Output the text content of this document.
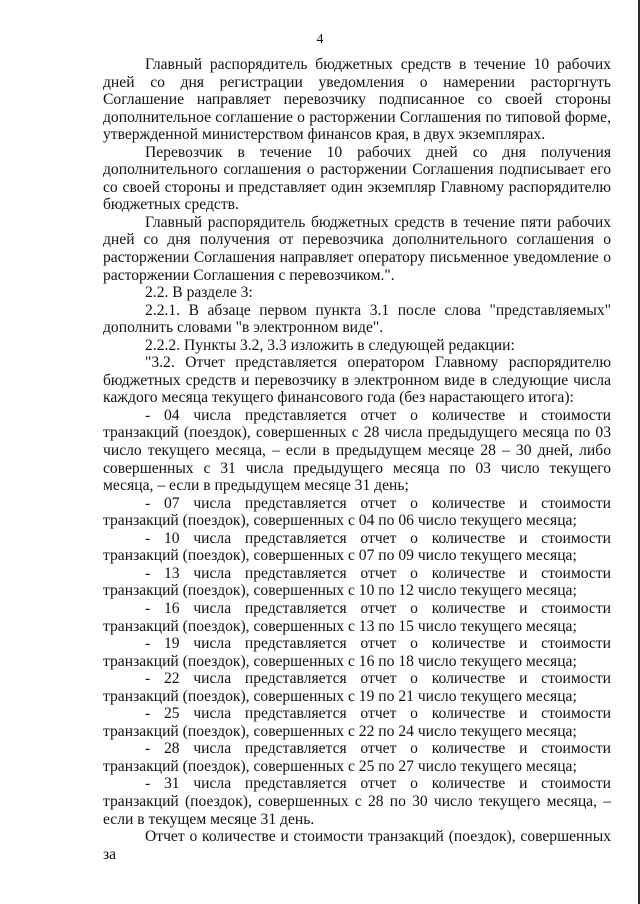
4

Главный распорядитель бюджетных средств в течение 10 рабочих дней со дня регистрации уведомления о намерении расторгнуть Соглашение направляет перевозчику подписанное со своей стороны дополнительное соглашение о расторжении Соглашения по типовой форме, утвержденной министерством финансов края, в двух экземплярах.

Перевозчик в течение 10 рабочих дней со дня получения дополнительного соглашения о расторжении Соглашения подписывает его со своей стороны и представляет один экземпляр Главному распорядителю бюджетных средств.

Главный распорядитель бюджетных средств в течение пяти рабочих дней со дня получения от перевозчика дополнительного соглашения о расторжении Соглашения направляет оператору письменное уведомление о расторжении Соглашения с перевозчиком.".

2.2. В разделе 3:

2.2.1. В абзаце первом пункта 3.1 после слова "представляемых" дополнить словами "в электронном виде".

2.2.2. Пункты 3.2, 3.3 изложить в следующей редакции:

"3.2. Отчет представляется оператором Главному распорядителю бюджетных средств и перевозчику в электронном виде в следующие числа каждого месяца текущего финансового года (без нарастающего итога):

- 04 числа представляется отчет о количестве и стоимости транзакций (поездок), совершенных с 28 числа предыдущего месяца по 03 число текущего месяца, – если в предыдущем месяце 28 – 30 дней, либо совершенных с 31 числа предыдущего месяца по 03 число текущего месяца, – если в предыдущем месяце 31 день;

- 07 числа представляется отчет о количестве и стоимости транзакций (поездок), совершенных с 04 по 06 число текущего месяца;

- 10 числа представляется отчет о количестве и стоимости транзакций (поездок), совершенных с 07 по 09 число текущего месяца;

- 13 числа представляется отчет о количестве и стоимости транзакций (поездок), совершенных с 10 по 12 число текущего месяца;

- 16 числа представляется отчет о количестве и стоимости транзакций (поездок), совершенных с 13 по 15 число текущего месяца;

- 19 числа представляется отчет о количестве и стоимости транзакций (поездок), совершенных с 16 по 18 число текущего месяца;

- 22 числа представляется отчет о количестве и стоимости транзакций (поездок), совершенных с 19 по 21 число текущего месяца;

- 25 числа представляется отчет о количестве и стоимости транзакций (поездок), совершенных с 22 по 24 число текущего месяца;

- 28 числа представляется отчет о количестве и стоимости транзакций (поездок), совершенных с 25 по 27 число текущего месяца;

- 31 числа представляется отчет о количестве и стоимости транзакций (поездок), совершенных с 28 по 30 число текущего месяца, – если в текущем месяце 31 день.

Отчет о количестве и стоимости транзакций (поездок), совершенных за
